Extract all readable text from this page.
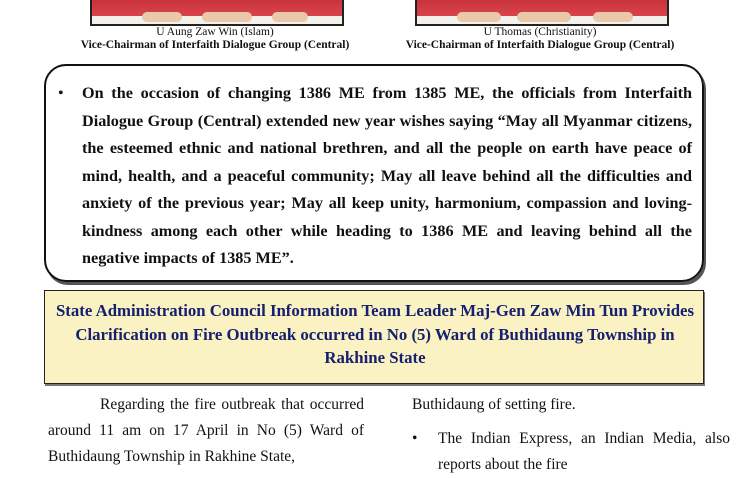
U Aung Zaw Win (Islam)
Vice-Chairman of Interfaith Dialogue Group (Central)
U Thomas (Christianity)
Vice-Chairman of Interfaith Dialogue Group (Central)
• On the occasion of changing 1386 ME from 1385 ME, the officials from Interfaith Dialogue Group (Central) extended new year wishes saying “May all Myanmar citizens, the esteemed ethnic and national brethren, and all the people on earth have peace of mind, health, and a peaceful community; May all leave behind all the difficulties and anxiety of the previous year; May all keep unity, harmonium, compassion and loving-kindness among each other while heading to 1386 ME and leaving behind all the negative impacts of 1385 ME”.
State Administration Council Information Team Leader Maj-Gen Zaw Min Tun Provides Clarification on Fire Outbreak occurred in No (5) Ward of Buthidaung Township in Rakhine State
Regarding the fire outbreak that occurred around 11 am on 17 April in No (5) Ward of Buthidaung Township in Rakhine State,
Buthidaung of setting fire.
• The Indian Express, an Indian Media, also reports about the fire
